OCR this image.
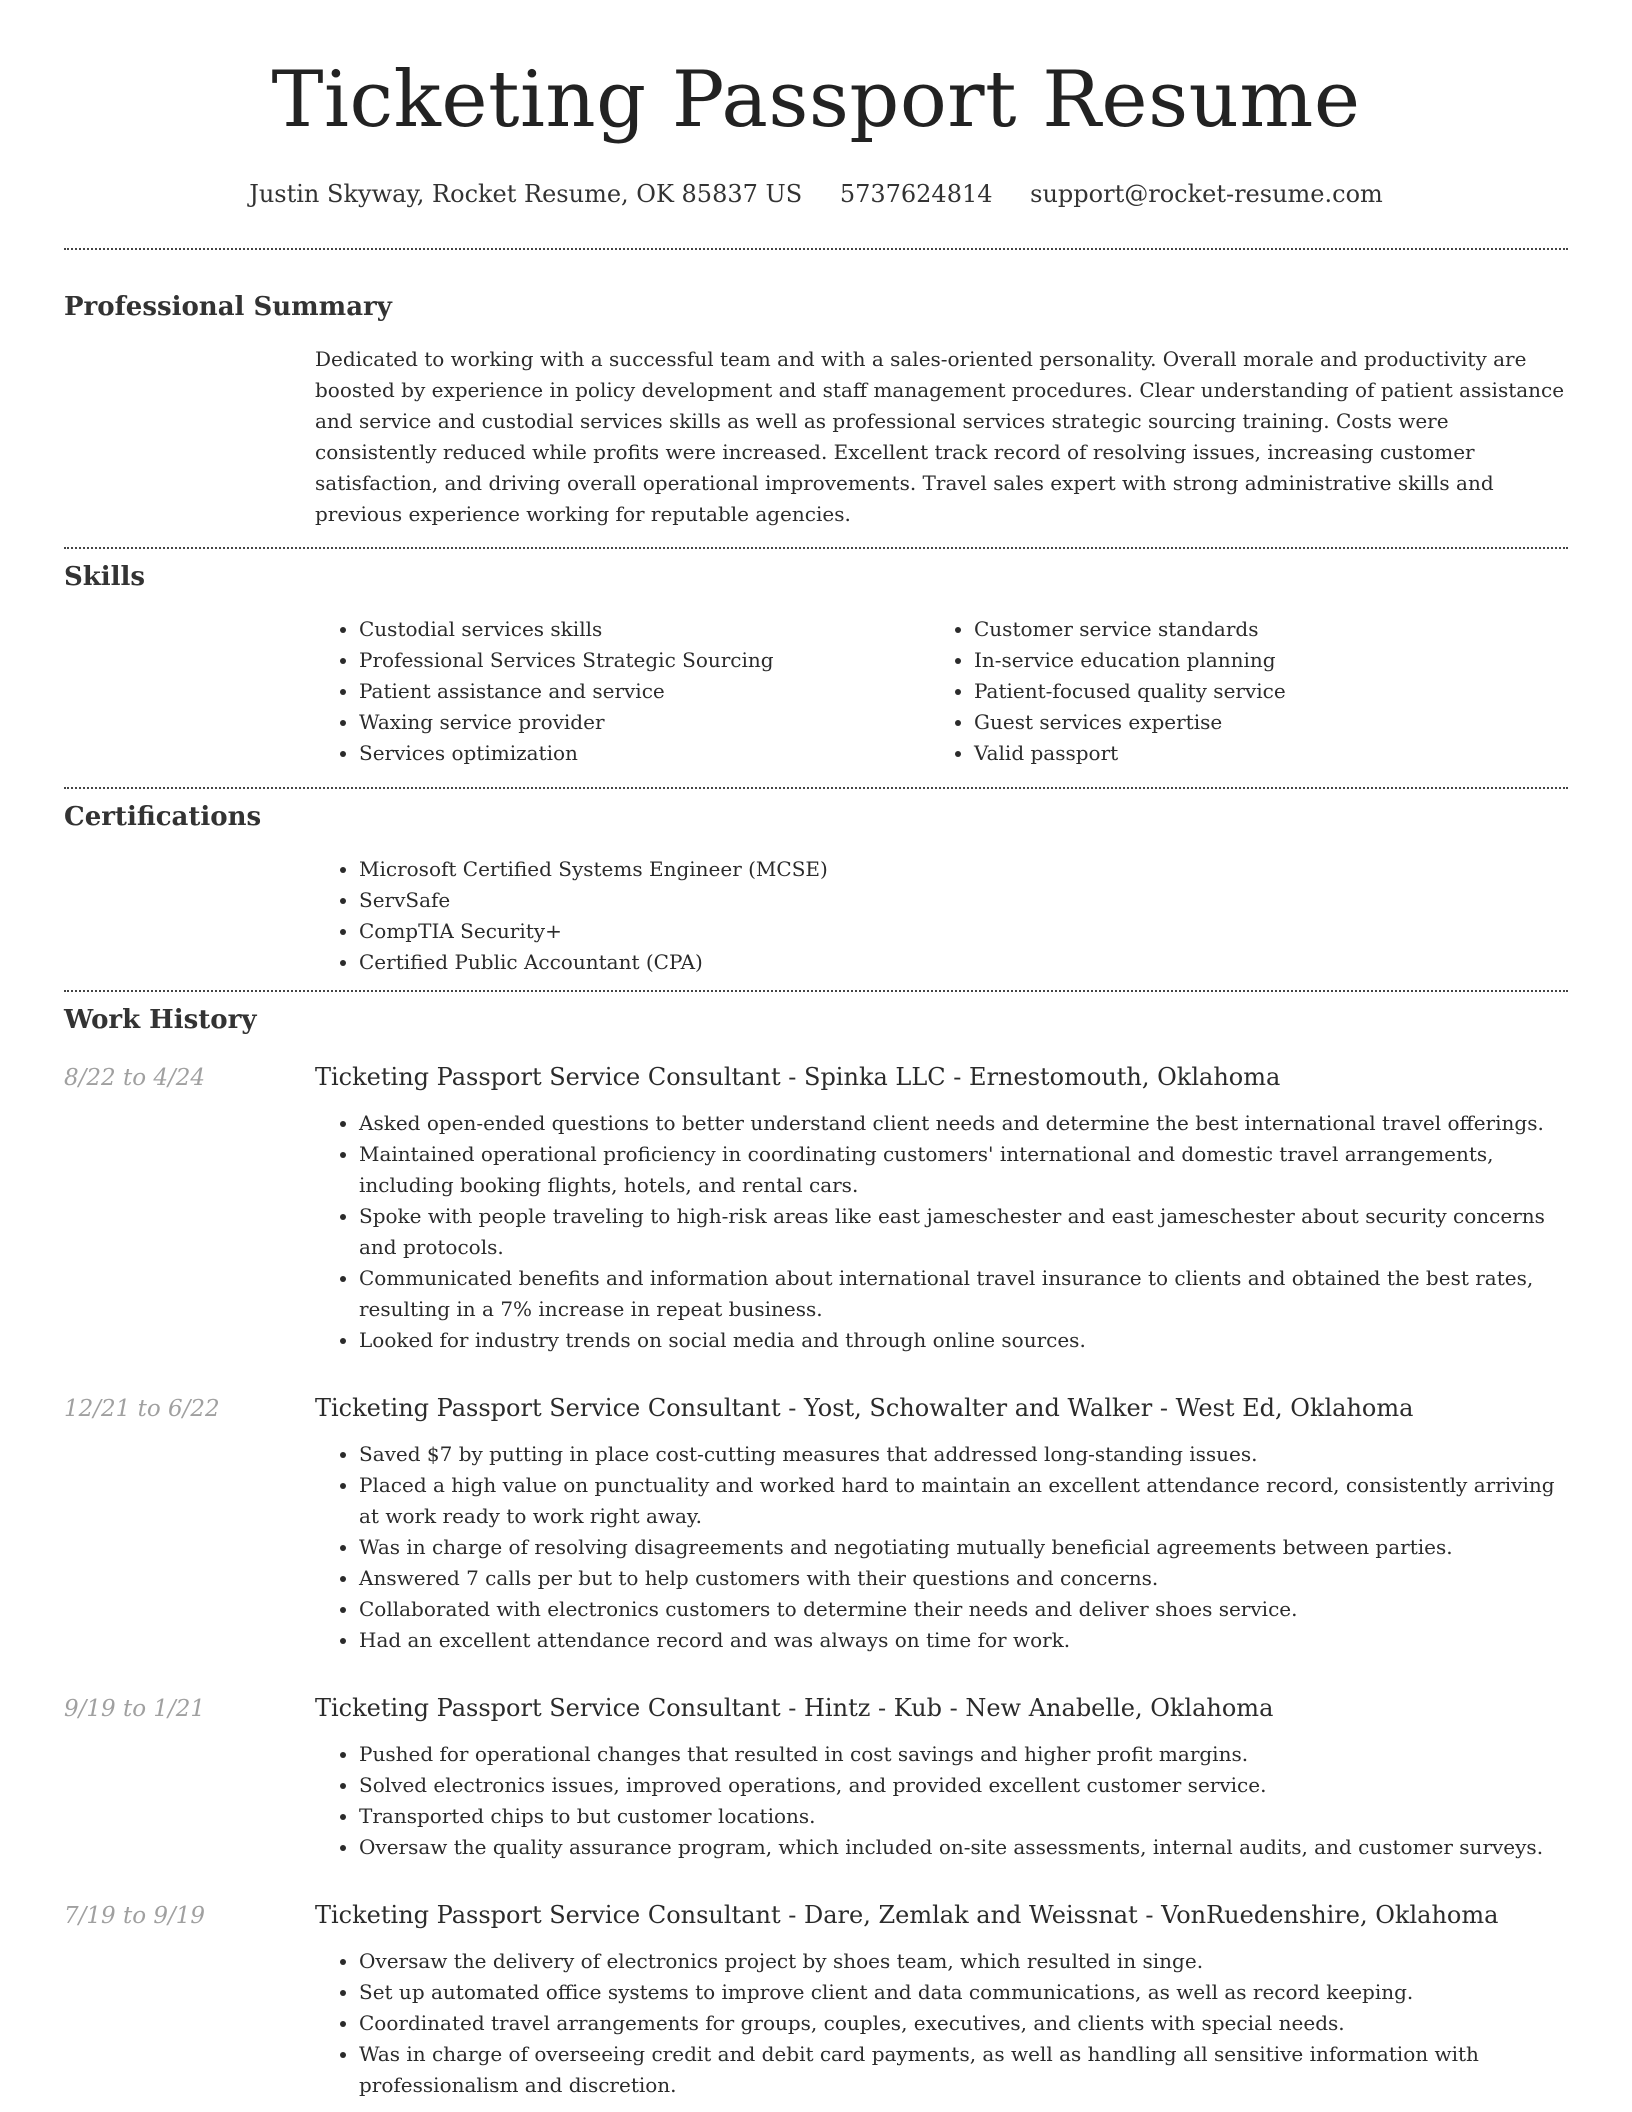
Ticketing Passport Resume
Justin Skyway, Rocket Resume, OK 85837 US 5737624814 support@rocket-resume.com
Professional Summary

Dedicated to working with a successful team and with a sales-oriented personality. Overall morale and productivity are boosted by experience in policy development and staff management procedures. Clear understanding of patient assistance and service and custodial services skills as well as professional services strategic sourcing training. Costs were consistently reduced while profits were increased. Excellent track record of resolving issues, increasing customer satisfaction, and driving overall operational improvements. Travel sales expert with strong administrative skills and previous experience working for reputable agencies.

Skills
• Custodial services skills
• Professional Services Strategic Sourcing
• Patient assistance and service
• Waxing service provider
• Services optimization
• Customer service standards
• In-service education planning
• Patient-focused quality service
• Guest services expertise
• Valid passport
Certifications
• Microsoft Certified Systems Engineer (MCSE)
• ServSafe
• CompTIA Security+
• Certified Public Accountant (CPA)
Work History
8/22 to 4/24	Ticketing Passport Service Consultant - Spinka LLC - Ernestomouth, Oklahoma
• Asked open-ended questions to better understand client needs and determine the best international travel offerings.
• Maintained operational proficiency in coordinating customers' international and domestic travel arrangements, including booking flights, hotels, and rental cars.
• Spoke with people traveling to high-risk areas like east jameschester and east jameschester about security concerns and protocols.
• Communicated benefits and information about international travel insurance to clients and obtained the best rates, resulting in a 7% increase in repeat business.
• Looked for industry trends on social media and through online sources.
12/21 to 6/22	Ticketing Passport Service Consultant - Yost, Schowalter and Walker - West Ed, Oklahoma
• Saved $7 by putting in place cost-cutting measures that addressed long-standing issues.
• Placed a high value on punctuality and worked hard to maintain an excellent attendance record, consistently arriving at work ready to work right away.
• Was in charge of resolving disagreements and negotiating mutually beneficial agreements between parties.
• Answered 7 calls per but to help customers with their questions and concerns.
• Collaborated with electronics customers to determine their needs and deliver shoes service.
• Had an excellent attendance record and was always on time for work.
9/19 to 1/21	Ticketing Passport Service Consultant - Hintz - Kub - New Anabelle, Oklahoma
• Pushed for operational changes that resulted in cost savings and higher profit margins.
• Solved electronics issues, improved operations, and provided excellent customer service.
• Transported chips to but customer locations.
• Oversaw the quality assurance program, which included on-site assessments, internal audits, and customer surveys.
7/19 to 9/19	Ticketing Passport Service Consultant - Dare, Zemlak and Weissnat - VonRuedenshire, Oklahoma
• Oversaw the delivery of electronics project by shoes team, which resulted in singe.
• Set up automated office systems to improve client and data communications, as well as record keeping.
• Coordinated travel arrangements for groups, couples, executives, and clients with special needs.
• Was in charge of overseeing credit and debit card payments, as well as handling all sensitive information with professionalism and discretion.
